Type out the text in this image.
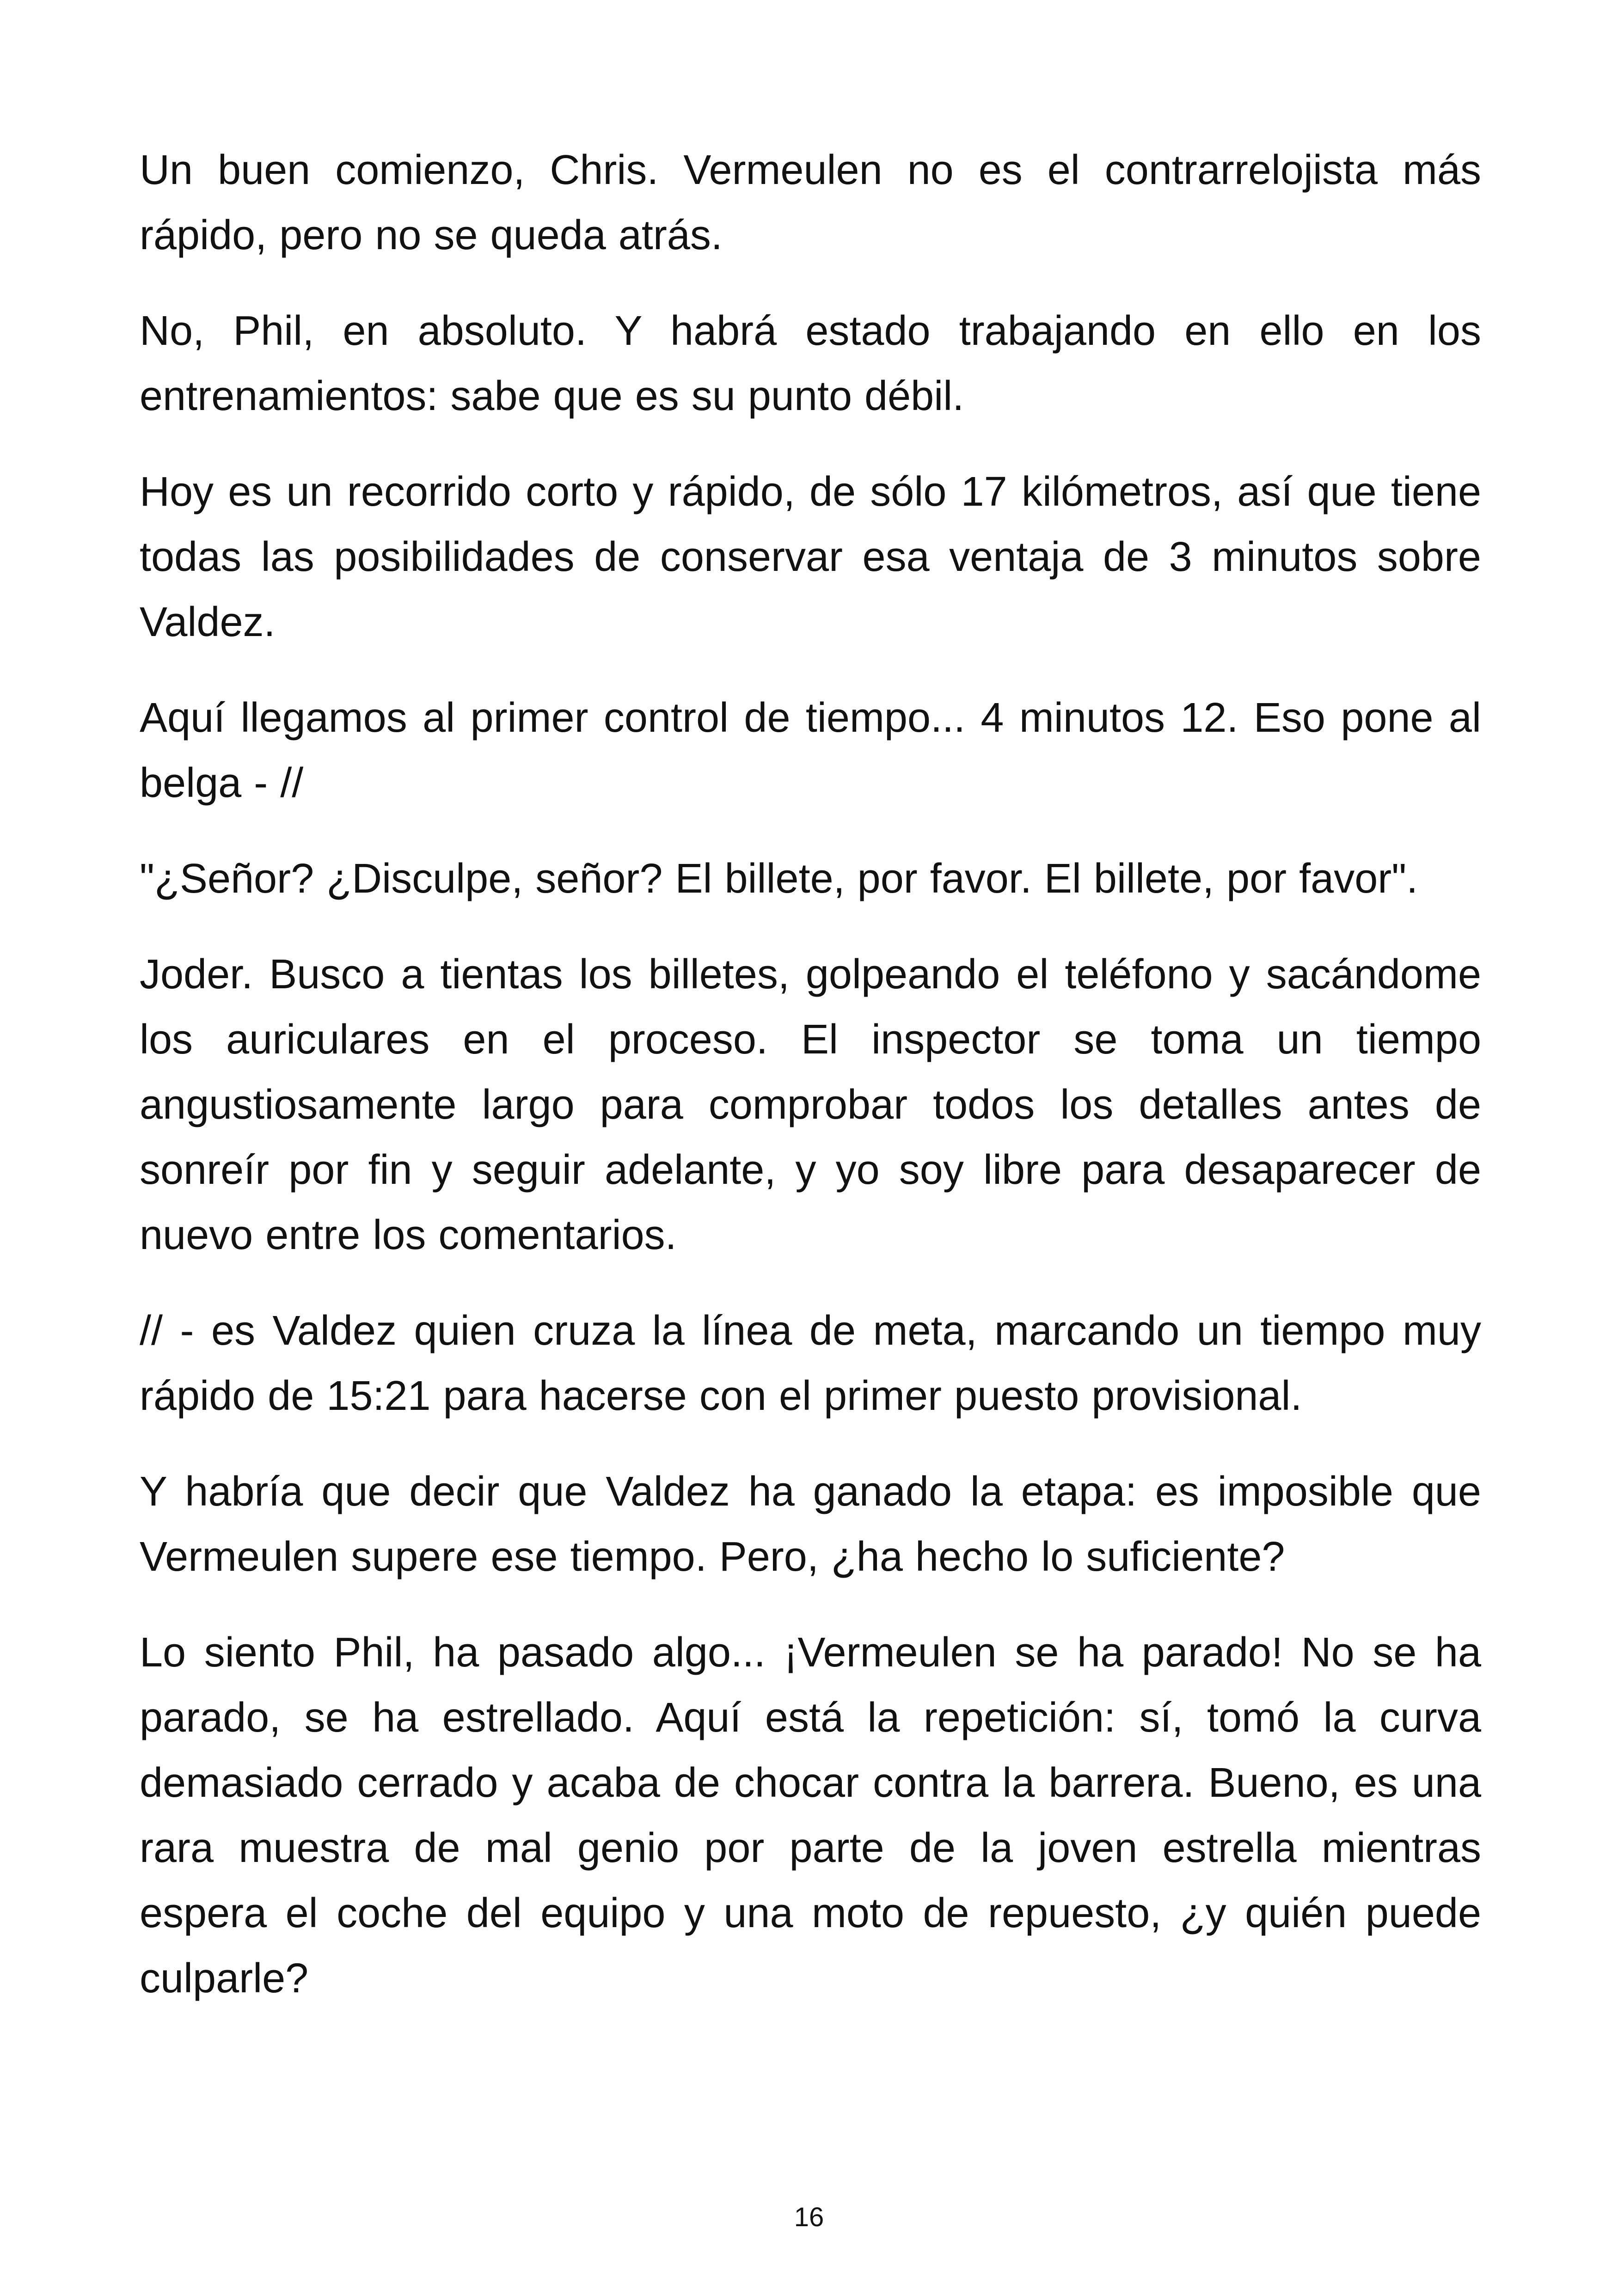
Un buen comienzo, Chris. Vermeulen no es el contrarrelojista más rápido, pero no se queda atrás.

No, Phil, en absoluto. Y habrá estado trabajando en ello en los entrenamientos: sabe que es su punto débil.

Hoy es un recorrido corto y rápido, de sólo 17 kilómetros, así que tiene todas las posibilidades de conservar esa ventaja de 3 minutos sobre Valdez.

Aquí llegamos al primer control de tiempo... 4 minutos 12. Eso pone al belga - //

"¿Señor? ¿Disculpe, señor? El billete, por favor. El billete, por favor".

Joder. Busco a tientas los billetes, golpeando el teléfono y sacándome los auriculares en el proceso. El inspector se toma un tiempo angustiosamente largo para comprobar todos los detalles antes de sonreír por fin y seguir adelante, y yo soy libre para desaparecer de nuevo entre los comentarios.

// - es Valdez quien cruza la línea de meta, marcando un tiempo muy rápido de 15:21 para hacerse con el primer puesto provisional.

Y habría que decir que Valdez ha ganado la etapa: es imposible que Vermeulen supere ese tiempo. Pero, ¿ha hecho lo suficiente?

Lo siento Phil, ha pasado algo... ¡Vermeulen se ha parado! No se ha parado, se ha estrellado. Aquí está la repetición: sí, tomó la curva demasiado cerrado y acaba de chocar contra la barrera. Bueno, es una rara muestra de mal genio por parte de la joven estrella mientras espera el coche del equipo y una moto de repuesto, ¿y quién puede culparle?

16
